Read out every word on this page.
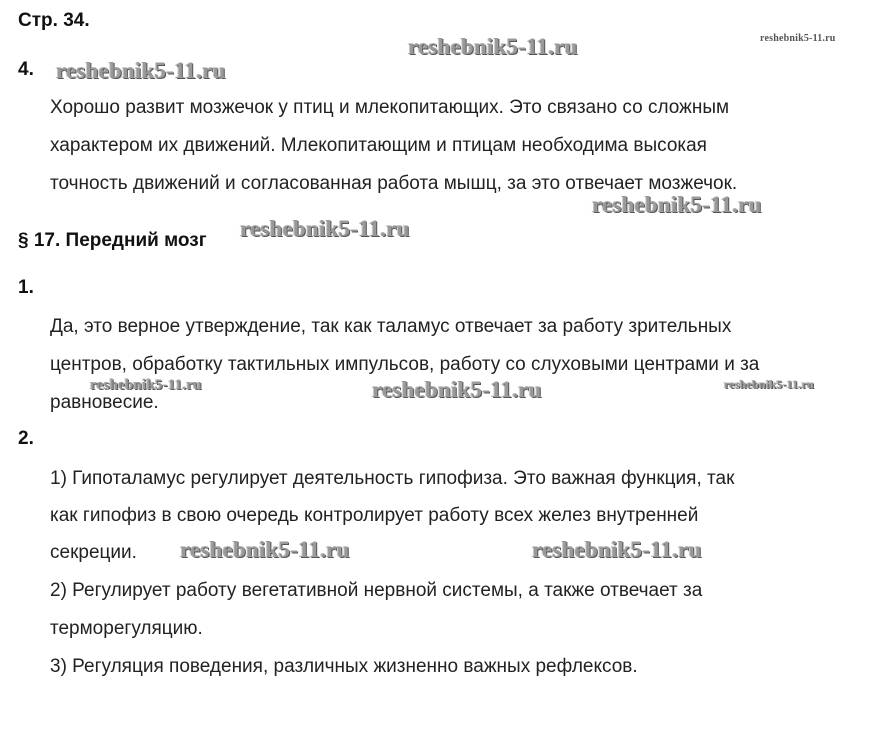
Стр. 34.
reshebnik5-11.ru	reshebnik5-11.ru
reshebnik5-11.ru
reshebnik5-11.ru
reshebnik5-11.ru
reshebnik5-11.ru	reshebnik5-11.ru	reshebnik5-11.ru
reshebnik5-11.ru	reshebnik5-11.ru
4.
Хорошо развит мозжечок у птиц и млекопитающих. Это связано со сложным
характером их движений. Млекопитающим и птицам необходима высокая
точность движений и согласованная работа мышц, за это отвечает мозжечок.
§ 17. Передний мозг
1.
Да, это верное утверждение, так как таламус отвечает за работу зрительных
центров, обработку тактильных импульсов, работу со слуховыми центрами и за
равновесие.
2.
1) Гипоталамус регулирует деятельность гипофиза. Это важная функция, так
как гипофиз в свою очередь контролирует работу всех желез внутренней
секреции.
2) Регулирует работу вегетативной нервной системы, а также отвечает за
терморегуляцию.
3) Регуляция поведения, различных жизненно важных рефлексов.
